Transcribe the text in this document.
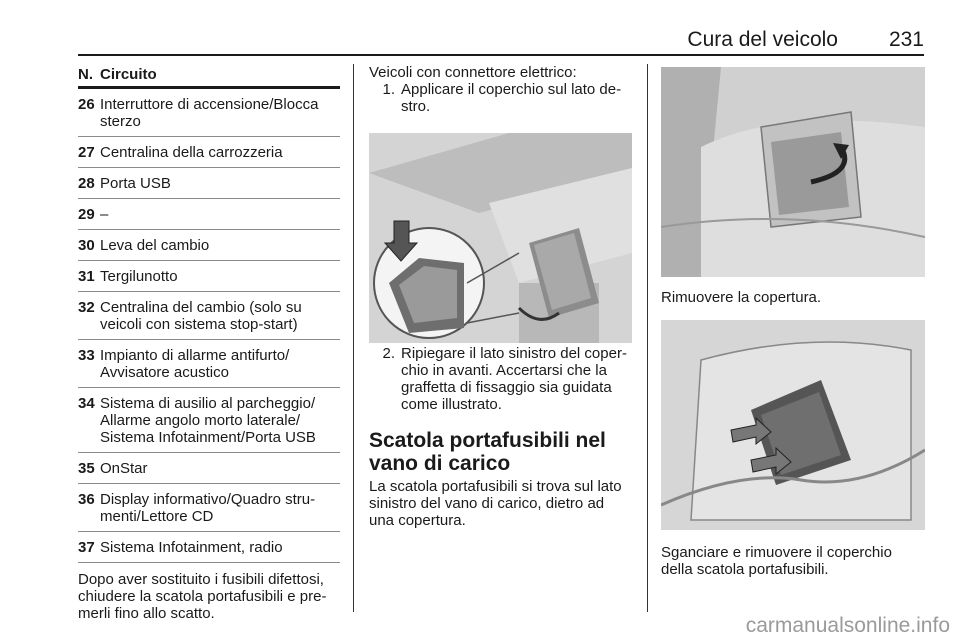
Cura del veicolo 231
N. Circuito
26 Interruttore di accensione/Blocca sterzo
27 Centralina della carrozzeria
28 Porta USB
29 –
30 Leva del cambio
31 Tergilunotto
32 Centralina del cambio (solo su veicoli con sistema stop-start)
33 Impianto di allarme antifurto/ Avvisatore acustico
34 Sistema di ausilio al parcheggio/ Allarme angolo morto laterale/ Sistema Infotainment/Porta USB
35 OnStar
36 Display informativo/Quadro stru- menti/Lettore CD
37 Sistema Infotainment, radio
Dopo aver sostituito i fusibili difettosi, chiudere la scatola portafusibili e pre- merli fino allo scatto.
Veicoli con connettore elettrico:
1. Applicare il coperchio sul lato de- stro.
2. Ripiegare il lato sinistro del coper- chio in avanti. Accertarsi che la graffetta di fissaggio sia guidata come illustrato.
Scatola portafusibili nel vano di carico
La scatola portafusibili si trova sul lato sinistro del vano di carico, dietro ad una copertura.
Rimuovere la copertura.
Sganciare e rimuovere il coperchio della scatola portafusibili.
carmanualsonline.info
